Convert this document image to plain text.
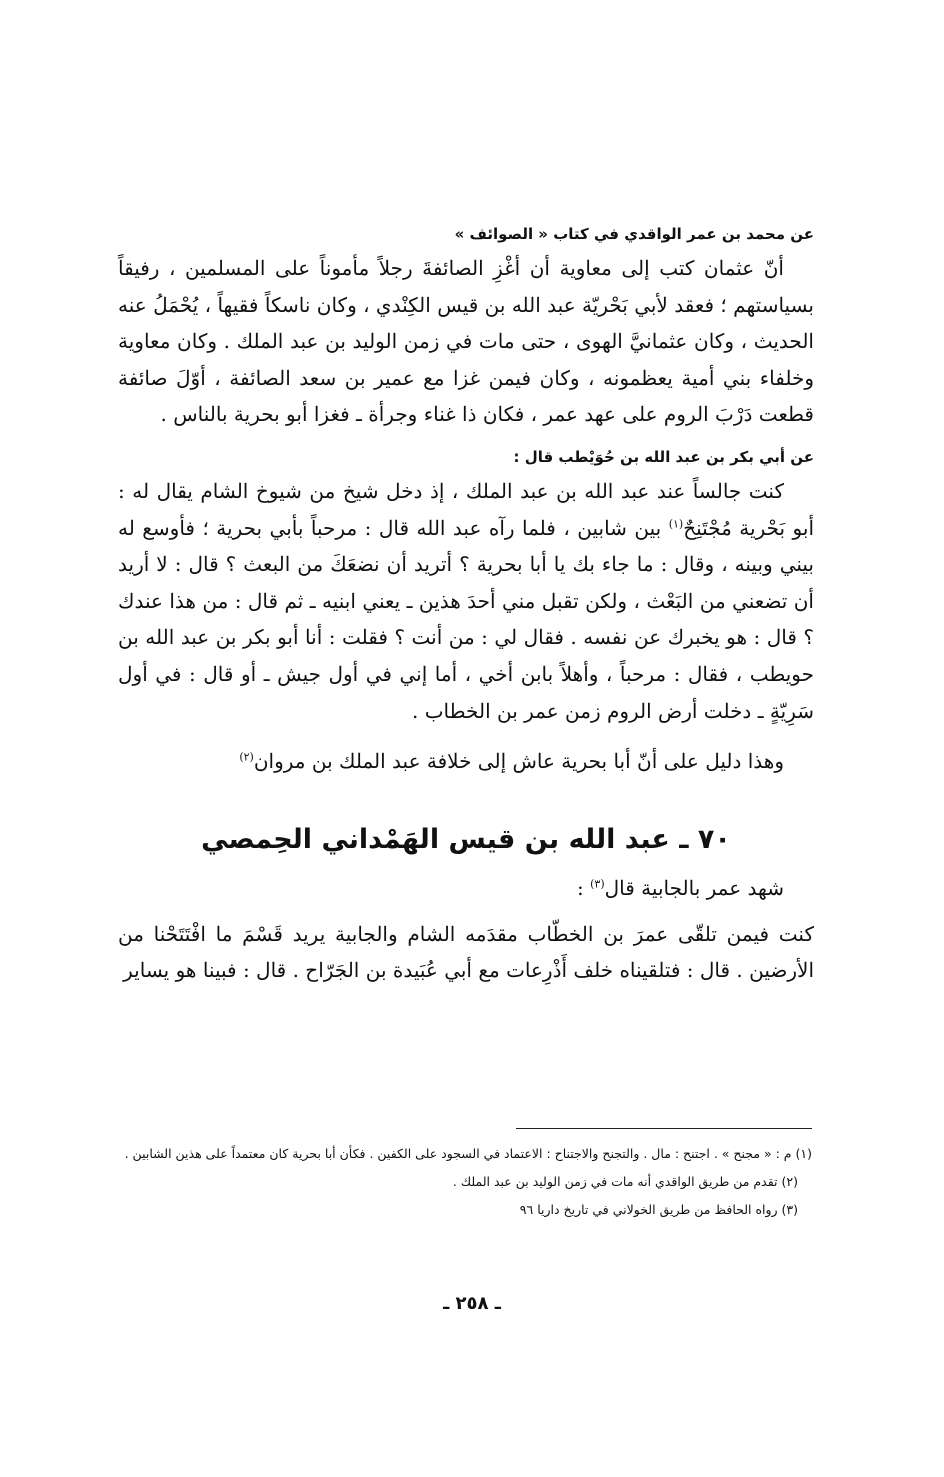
عن محمد بن عمر الواقدي في كتاب « الصوائف »

أنّ عثمان كتب إلى معاوية أن أغْزِ الصائفةَ رجلاً مأموناً على المسلمين ، رفيقاً بسياستهم ؛ فعقد لأبي بَحْريّة عبد الله بن قيس الكِنْدي ، وكان ناسكاً فقيهاً ، يُحْمَلُ عنه الحديث ، وكان عثمانيَّ الهوى ، حتى مات في زمن الوليد بن عبد الملك . وكان معاوية وخلفاء بني أمية يعظمونه ، وكان فيمن غزا مع عمير بن سعد الصائفة ، أوّلَ صائفة قطعت دَرْبَ الروم على عهد عمر ، فكان ذا غناء وجرأة ـ فغزا أبو بحرية بالناس .

عن أبي بكر بن عبد الله بن حُوَيْطب قال :

كنت جالساً عند عبد الله بن عبد الملك ، إذ دخل شيخ من شيوخ الشام يقال له : أبو بَحْرية مُجْتَنِحٌ$^{(١)}$ بين شابين ، فلما رآه عبد الله قال : مرحباً بأبي بحرية ؛ فأوسع له بيني وبينه ، وقال : ما جاء بك يا أبا بحرية ؟ أتريد أن نضعَكَ من البعث ؟ قال : لا أريد أن تضعني من البَعْث ، ولكن تقبل مني أحدَ هذين ـ يعني ابنيه ـ ثم قال : من هذا عندك ؟ قال : هو يخبرك عن نفسه . فقال لي : من أنت ؟ فقلت : أنا أبو بكر بن عبد الله بن حويطب ، فقال : مرحباً ، وأهلاً بابن أخي ، أما إني في أول جيش ـ أو قال : في أول سَرِيّةٍ ـ دخلت أرض الروم زمن عمر بن الخطاب .

وهذا دليل على أنّ أبا بحرية عاش إلى خلافة عبد الملك بن مروان$^{(٢)}$

٧٠ ـ عبد الله بن قيس الهَمْداني الحِمصي

شهد عمر بالجابية قال$^{(٣)}$ :

كنت فيمن تلقّى عمرَ بن الخطّاب مقدَمه الشام والجابية يريد قَسْمَ ما افْتَتَحْنا من الأرضين . قال : فتلقيناه خلف أَذْرِعات مع أبي عُبَيدة بن الجَرّاح . قال : فبينا هو يساير

(١) م : « مجنح » . اجتنح : مال . والتجنح والاجتناح : الاعتماد في السجود على الكفين . فكأن أبا بحرية كان معتمداً على هذين الشابين .

(٢) تقدم من طريق الواقدي أنه مات في زمن الوليد بن عبد الملك .

(٣) رواه الحافظ من طريق الخولاني في تاريخ داريا ٩٦

ـ ٢٥٨ ـ
